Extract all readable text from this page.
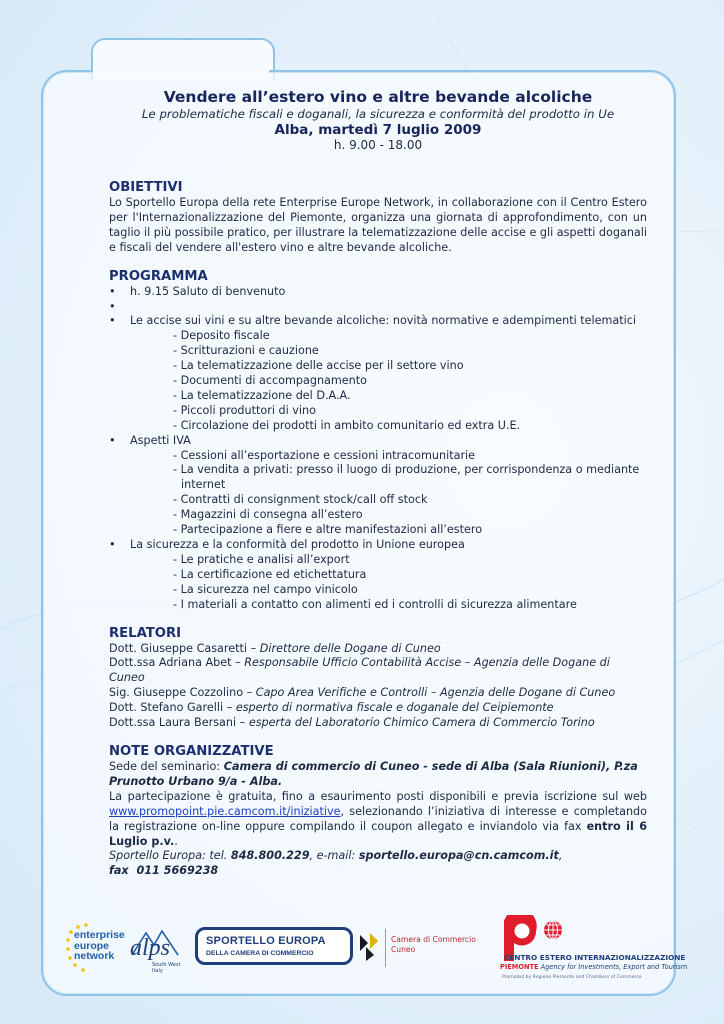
Vendere all’estero vino e altre bevande alcoliche
Le problematiche fiscali e doganali, la sicurezza e conformità del prodotto in Ue
Alba, martedì 7 luglio 2009
h. 9.00 - 18.00
OBIETTIVI
Lo Sportello Europa della rete Enterprise Europe Network, in collaborazione con il Centro Estero per l'Internazionalizzazione del Piemonte, organizza una giornata di approfondimento, con un taglio il più possibile pratico, per illustrare la telematizzazione delle accise e gli aspetti doganali e fiscali del vendere all'estero vino e altre bevande alcoliche.
PROGRAMMA
• h. 9.15 Saluto di benvenuto
•
• Le accise sui vini e su altre bevande alcoliche: novità normative e adempimenti telematici
- Deposito fiscale
- Scritturazioni e cauzione
- La telematizzazione delle accise per il settore vino
- Documenti di accompagnamento
- La telematizzazione del D.A.A.
- Piccoli produttori di vino
- Circolazione dei prodotti in ambito comunitario ed extra U.E.
• Aspetti IVA
- Cessioni all’esportazione e cessioni intracomunitarie
- La vendita a privati: presso il luogo di produzione, per corrispondenza o mediante internet
- Contratti di consignment stock/call off stock
- Magazzini di consegna all’estero
- Partecipazione a fiere e altre manifestazioni all’estero
• La sicurezza e la conformità del prodotto in Unione europea
- Le pratiche e analisi all’export
- La certificazione ed etichettatura
- La sicurezza nel campo vinicolo
- I materiali a contatto con alimenti ed i controlli di sicurezza alimentare
RELATORI
Dott. Giuseppe Casaretti – Direttore delle Dogane di Cuneo
Dott.ssa Adriana Abet – Responsabile Ufficio Contabilità Accise – Agenzia delle Dogane di Cuneo
Sig. Giuseppe Cozzolino – Capo Area Verifiche e Controlli – Agenzia delle Dogane di Cuneo
Dott. Stefano Garelli – esperto di normativa fiscale e doganale del Ceipiemonte
Dott.ssa Laura Bersani – esperta del Laboratorio Chimico Camera di Commercio Torino
NOTE ORGANIZZATIVE
Sede del seminario: Camera di commercio di Cuneo - sede di Alba (Sala Riunioni), P.za Prunotto Urbano 9/a - Alba.
La partecipazione è gratuita, fino a esaurimento posti disponibili e previa iscrizione sul web www.promopoint.pie.camcom.it/iniziative, selezionando l’iniziativa di interesse e completando la registrazione on-line oppure compilando il coupon allegato e inviandolo via fax entro il 6 Luglio p.v..
Sportello Europa: tel. 848.800.229, e-mail: sportello.europa@cn.camcom.it,
fax 011 5669238
enterprise
europe
network alps
South West Italy
SPORTELLO EUROPA
DELLA CAMERA DI COMMERCIO
Camera di Commercio
Cuneo
CENTRO ESTERO INTERNAZIONALIZZAZIONE
PIEMONTE Agency for Investments, Export and Tourism
Promoted by Regione Piemonte and Chambers of Commerce
